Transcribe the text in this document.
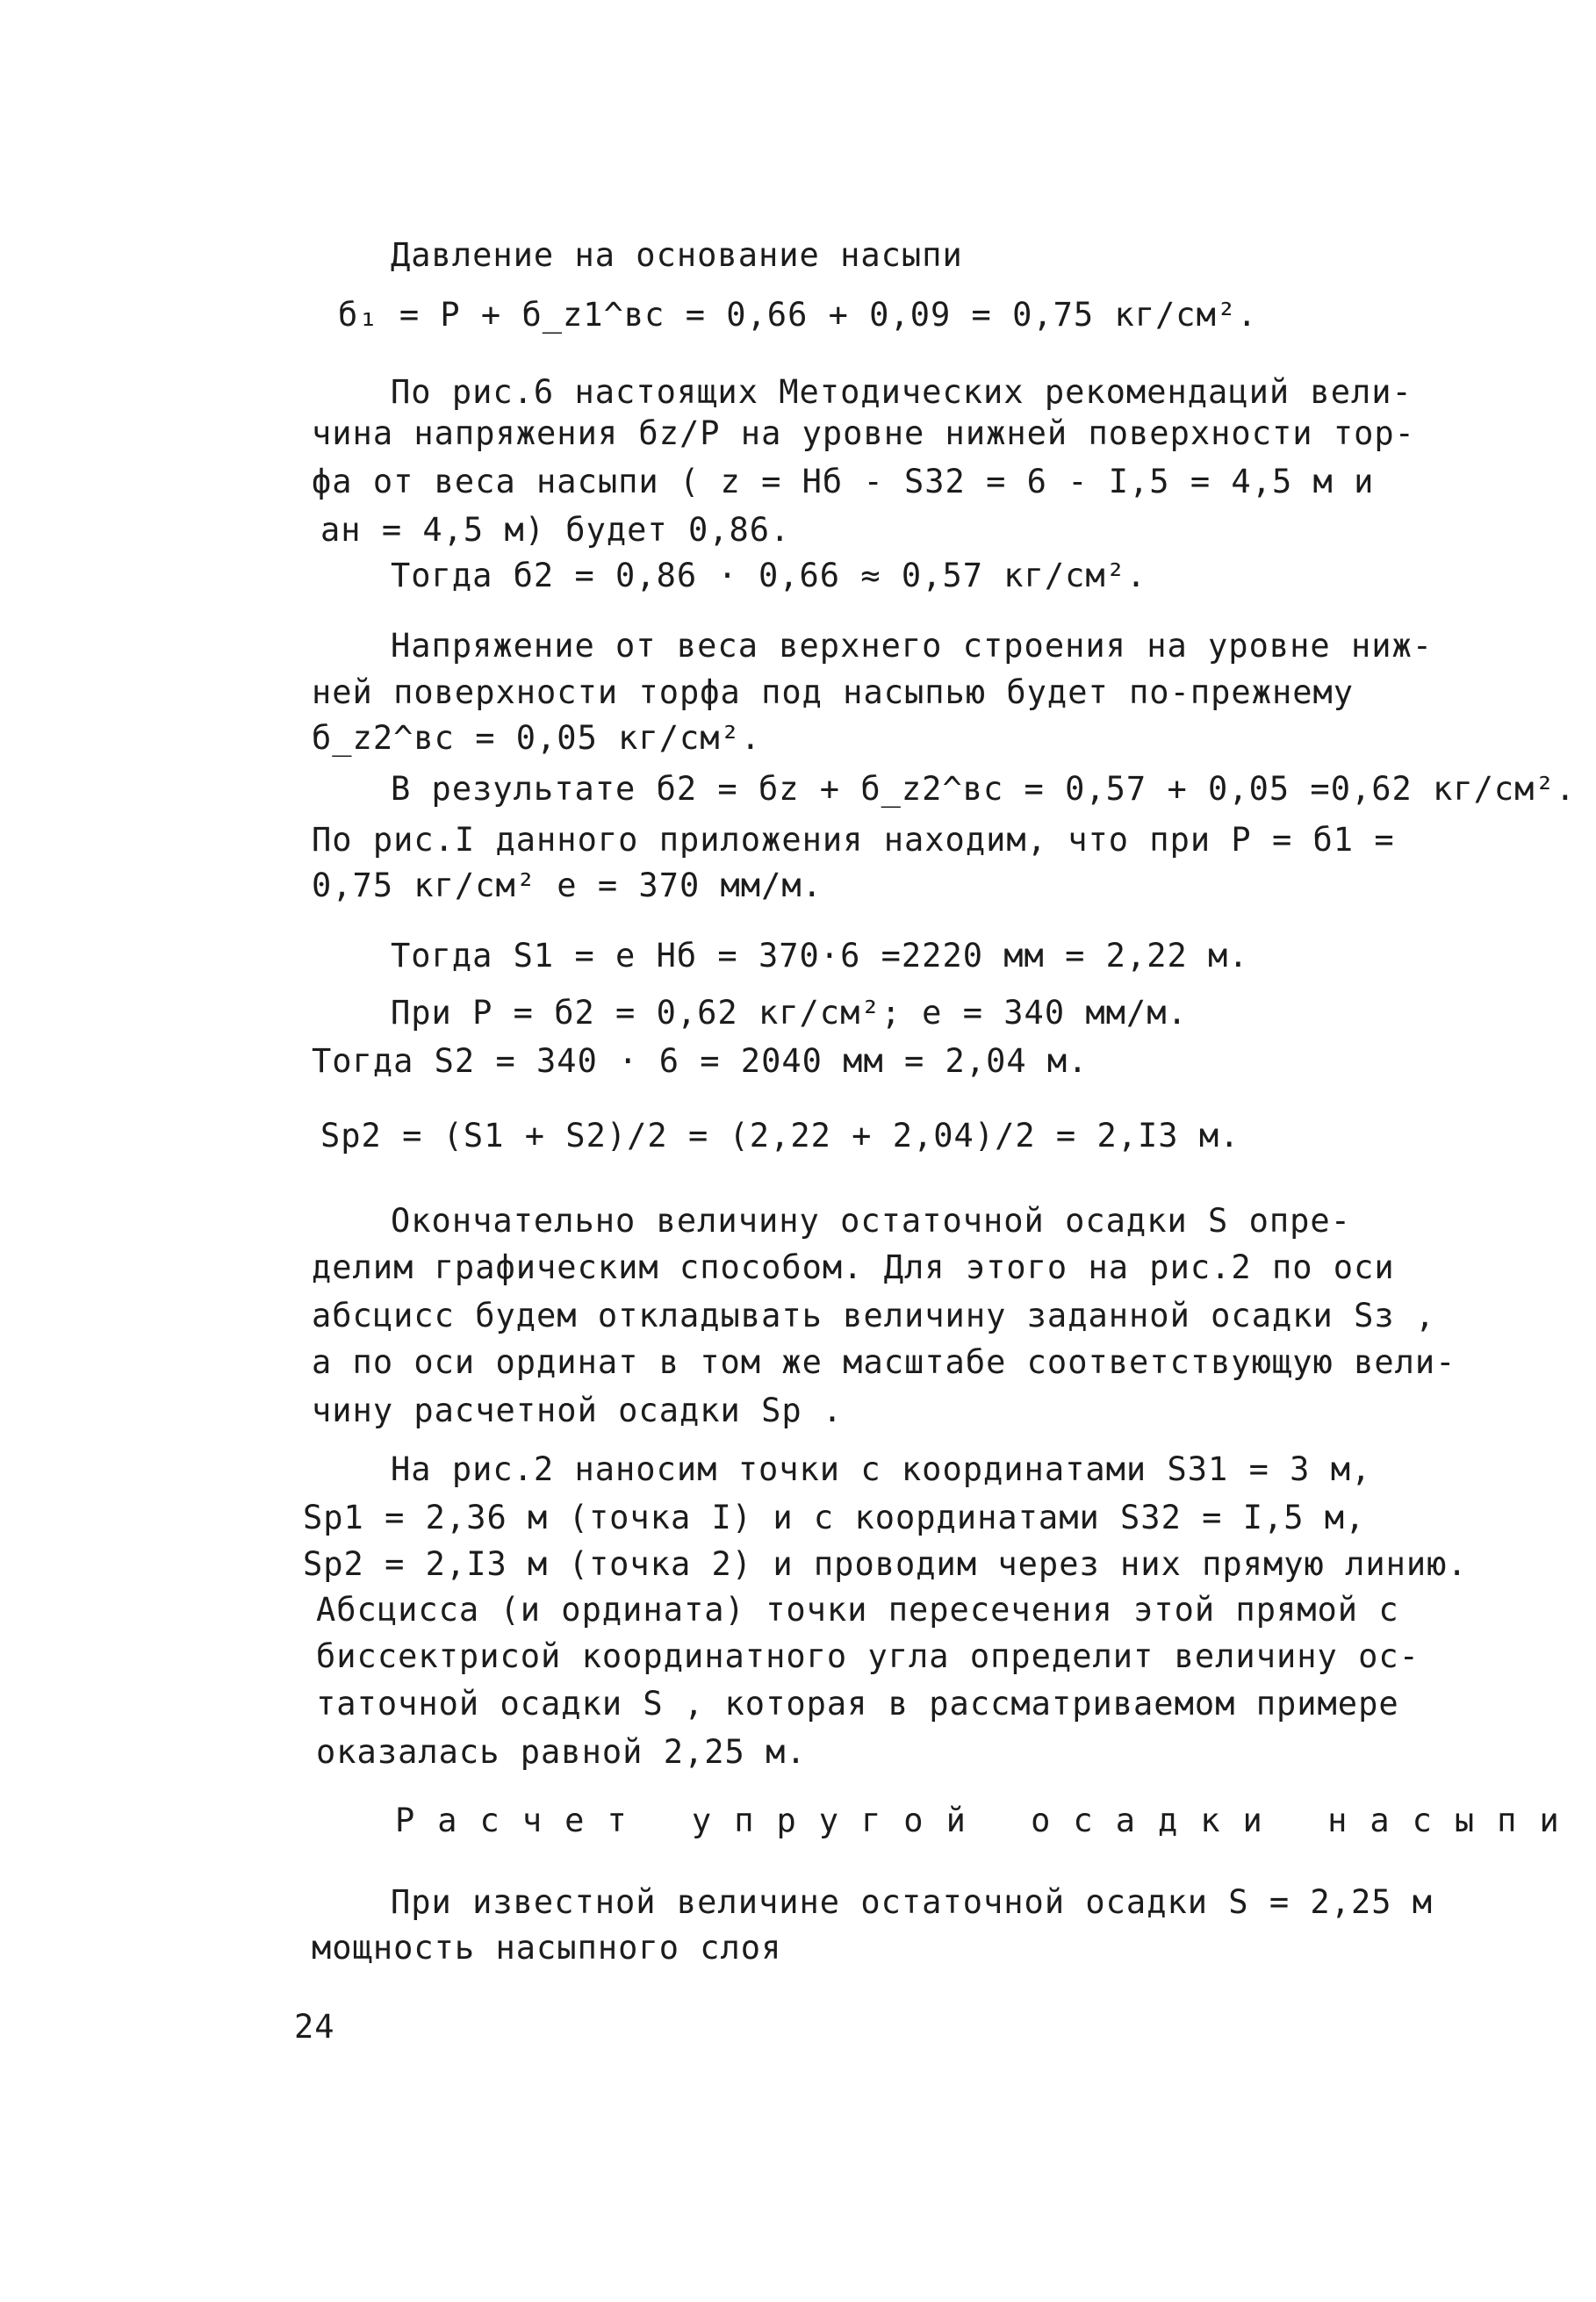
Давление на основание насыпи
б₁ = P + б_z1^вс = 0,66 + 0,09 = 0,75 кг/см².
По рис.6 настоящих Методических рекомендаций вели-
чина напряжения бz/P на уровне нижней поверхности тор-
фа от веса насыпи ( z = Hб - S32 = 6 - I,5 = 4,5 м и
aн = 4,5 м) будет 0,86.
Тогда б2 = 0,86 · 0,66 ≈ 0,57 кг/см².
Напряжение от веса верхнего строения на уровне ниж-
ней поверхности торфа под насыпью будет по-прежнему
б_z2^вс = 0,05 кг/см².
В результате б2 = бz + б_z2^вс = 0,57 + 0,05 =0,62 кг/см².
По рис.I данного приложения находим, что при P = б1 =
0,75 кг/см² e = 370 мм/м.
Тогда S1 = e Hб = 370·6 =2220 мм = 2,22 м.
При P = б2 = 0,62 кг/см²; e = 340 мм/м.
Тогда S2 = 340 · 6 = 2040 мм = 2,04 м.
Sр2 = (S1 + S2)/2 = (2,22 + 2,04)/2 = 2,I3 м.
Окончательно величину остаточной осадки S опре-
делим графическим способом. Для этого на рис.2 по оси
абсцисс будем откладывать величину заданной осадки Sз ,
а по оси ординат в том же масштабе соответствующую вели-
чину расчетной осадки Sр .
На рис.2 наносим точки с координатами S31 = 3 м,
Sр1 = 2,36 м (точка I) и с координатами S32 = I,5 м,
Sр2 = 2,I3 м (точка 2) и проводим через них прямую линию.
Абсцисса (и ордината) точки пересечения этой прямой с
биссектрисой координатного угла определит величину ос-
таточной осадки S , которая в рассматриваемом примере
оказалась равной 2,25 м.
Расчет упругой осадки насыпи
При известной величине остаточной осадки S = 2,25 м
мощность насыпного слоя
24
